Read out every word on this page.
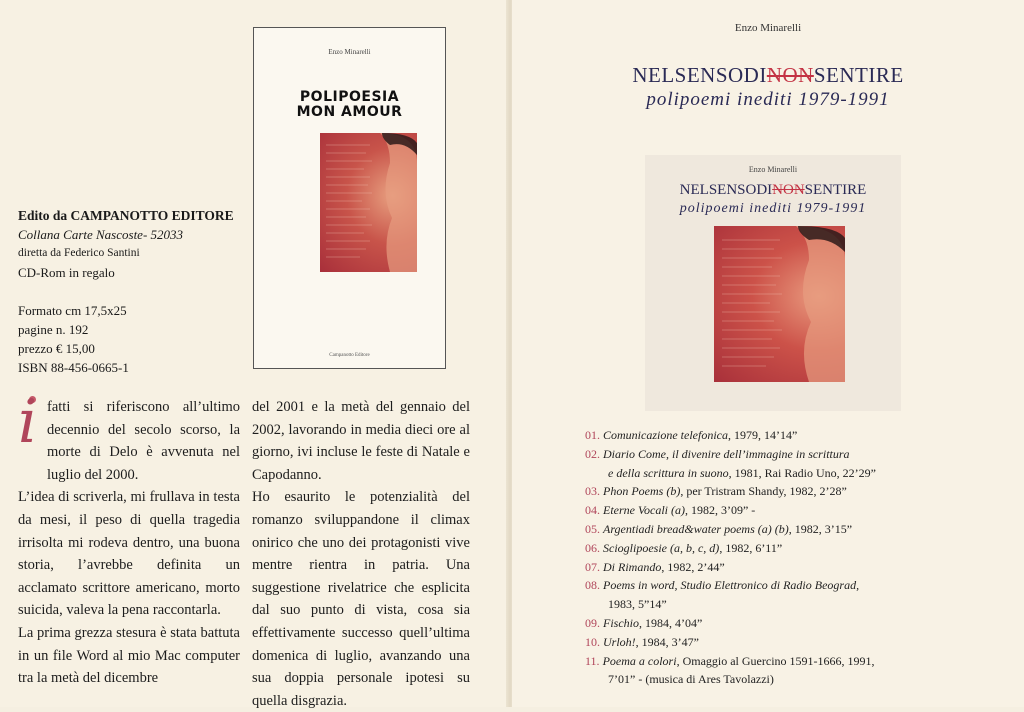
Enzo Minarelli
POLIPOESIA
MON AMOUR
Campanotto Editore
Edito da CAMPANOTTO EDITORE
Collana Carte Nascoste- 52033
diretta da Federico Santini
CD-Rom in regalo
Formato cm 17,5x25
pagine n. 192
prezzo € 15,00
ISBN 88-456-0665-1
i fatti si riferiscono all’ultimo decennio del secolo scorso, la morte di Delo è avvenuta nel luglio del 2000.

L’idea di scriverla, mi frullava in testa da mesi, il peso di quella tragedia irrisolta mi rodeva dentro, una buona storia, l’avrebbe definita un acclamato scrittore americano, morto suicida, valeva la pena raccontarla.

La prima grezza stesura è stata battuta in un file Word al mio Mac computer tra la metà del dicembre

del 2001 e la metà del gennaio del 2002, lavorando in media dieci ore al giorno, ivi incluse le feste di Natale e Capodanno.

Ho esaurito le potenzialità del romanzo sviluppandone il climax onirico che uno dei protagonisti vive mentre rientra in patria. Una suggestione rivelatrice che esplicita dal suo punto di vista, cosa sia effettivamente successo quell’ultima domenica di luglio, avanzando una sua doppia personale ipotesi su quella disgrazia.

Enzo Minarelli
NELSENSODINONSENTIRE
polipoemi inediti 1979-1991
Enzo Minarelli
NELSENSODINONSENTIRE
polipoemi inediti 1979-1991
01. Comunicazione telefonica, 1979, 14’14”
02. Diario Come, il divenire dell’immagine in scrittura
e della scrittura in suono, 1981, Rai Radio Uno, 22’29”
03. Phon Poems (b), per Tristram Shandy, 1982, 2’28”
04. Eterne Vocali (a), 1982, 3’09” -
05. Argentiadi bread&water poems (a) (b), 1982, 3’15”
06. Scioglipoesie (a, b, c, d), 1982, 6’11”
07. Di Rimando, 1982, 2’44”
08. Poems in word, Studio Elettronico di Radio Beograd,
1983, 5”14”
09. Fischio, 1984, 4’04”
10. Urloh!, 1984, 3’47”
11. Poema a colori, Omaggio al Guercino 1591-1666, 1991,
7’01” - (musica di Ares Tavolazzi)
